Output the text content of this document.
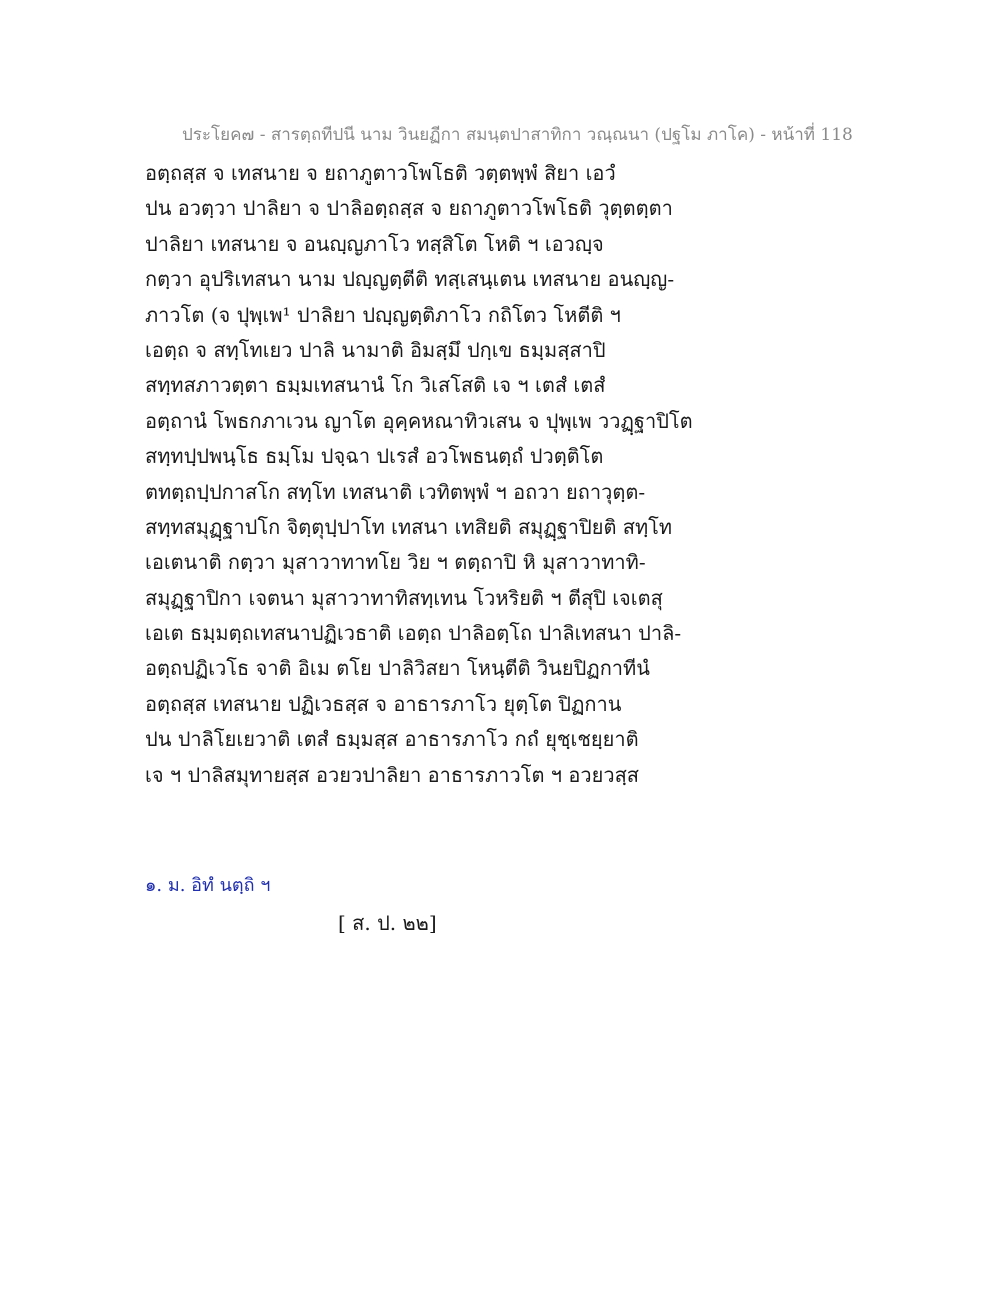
ประโยค๗ - สารตฺถทีปนี นาม วินยฏีกา สมนฺตปาสาทิกา วณฺณนา (ปฐโม ภาโค) - หน้าที่ 118
อตฺถสฺส จ เทสนาย จ ยถาภูตาวโพโธติ วตฺตพฺพํ สิยา เอวํ
ปน อวตฺวา ปาลิยา จ ปาลิอตฺถสฺส จ ยถาภูตาวโพโธติ วุตฺตตฺตา
ปาลิยา เทสนาย จ อนญฺญภาโว ทสฺสิโต โหติ ฯ เอวญฺจ
กตฺวา อุปริเทสนา นาม ปญฺญตฺตีติ ทสฺเสนฺเตน เทสนาย อนญฺญ-
ภาวโต (จ ปุพฺเพ¹ ปาลิยา ปญฺญตฺติภาโว กถิโตว โหตีติ ฯ
เอตฺถ จ สทฺโทเยว ปาลิ นามาติ อิมสฺมึ ปกฺเข ธมฺมสฺสาปิ
สทฺทสภาวตฺตา ธมฺมเทสนานํ โก วิเสโสติ เจ ฯ เตสํ เตสํ
อตฺถานํ โพธกภาเวน ญาโต อุคฺคหณาทิวเสน จ ปุพฺเพ ววฏฺฐาปิโต
สทฺทปฺปพนฺโธ ธมฺโม ปจฺฉา ปเรสํ อวโพธนตฺถํ ปวตฺติโต
ตทตฺถปฺปกาสโก สทฺโท เทสนาติ เวทิตพฺพํ ฯ อถวา ยถาวุตฺต-
สทฺทสมุฏฺฐาปโก จิตฺตุปฺปาโท เทสนา เทสิยติ สมุฏฺฐาปิยติ สทฺโท
เอเตนาติ กตฺวา มุสาวาทาทโย วิย ฯ ตตฺถาปิ หิ มุสาวาทาทิ-
สมุฏฺฐาปิกา เจตนา มุสาวาทาทิสทฺเทน โวหริยติ ฯ ตีสุปิ เจเตสุ
เอเต ธมฺมตฺถเทสนาปฏิเวธาติ เอตฺถ ปาลิอตฺโถ ปาลิเทสนา ปาลิ-
อตฺถปฏิเวโธ จาติ อิเม ตโย ปาลิวิสยา โหนฺตีติ วินยปิฏกาทีนํ
อตฺถสฺส เทสนาย ปฏิเวธสฺส จ อาธารภาโว ยุตฺโต ปิฏกาน
ปน ปาลิโยเยวาติ เตสํ ธมฺมสฺส อาธารภาโว กถํ ยุชฺเชยฺยาติ
เจ ฯ ปาลิสมุทายสฺส อวยวปาลิยา อาธารภาวโต ฯ อวยวสฺส
๑. ม. อิทํ นตฺถิ ฯ
[ ส. ป. ๒๒]
